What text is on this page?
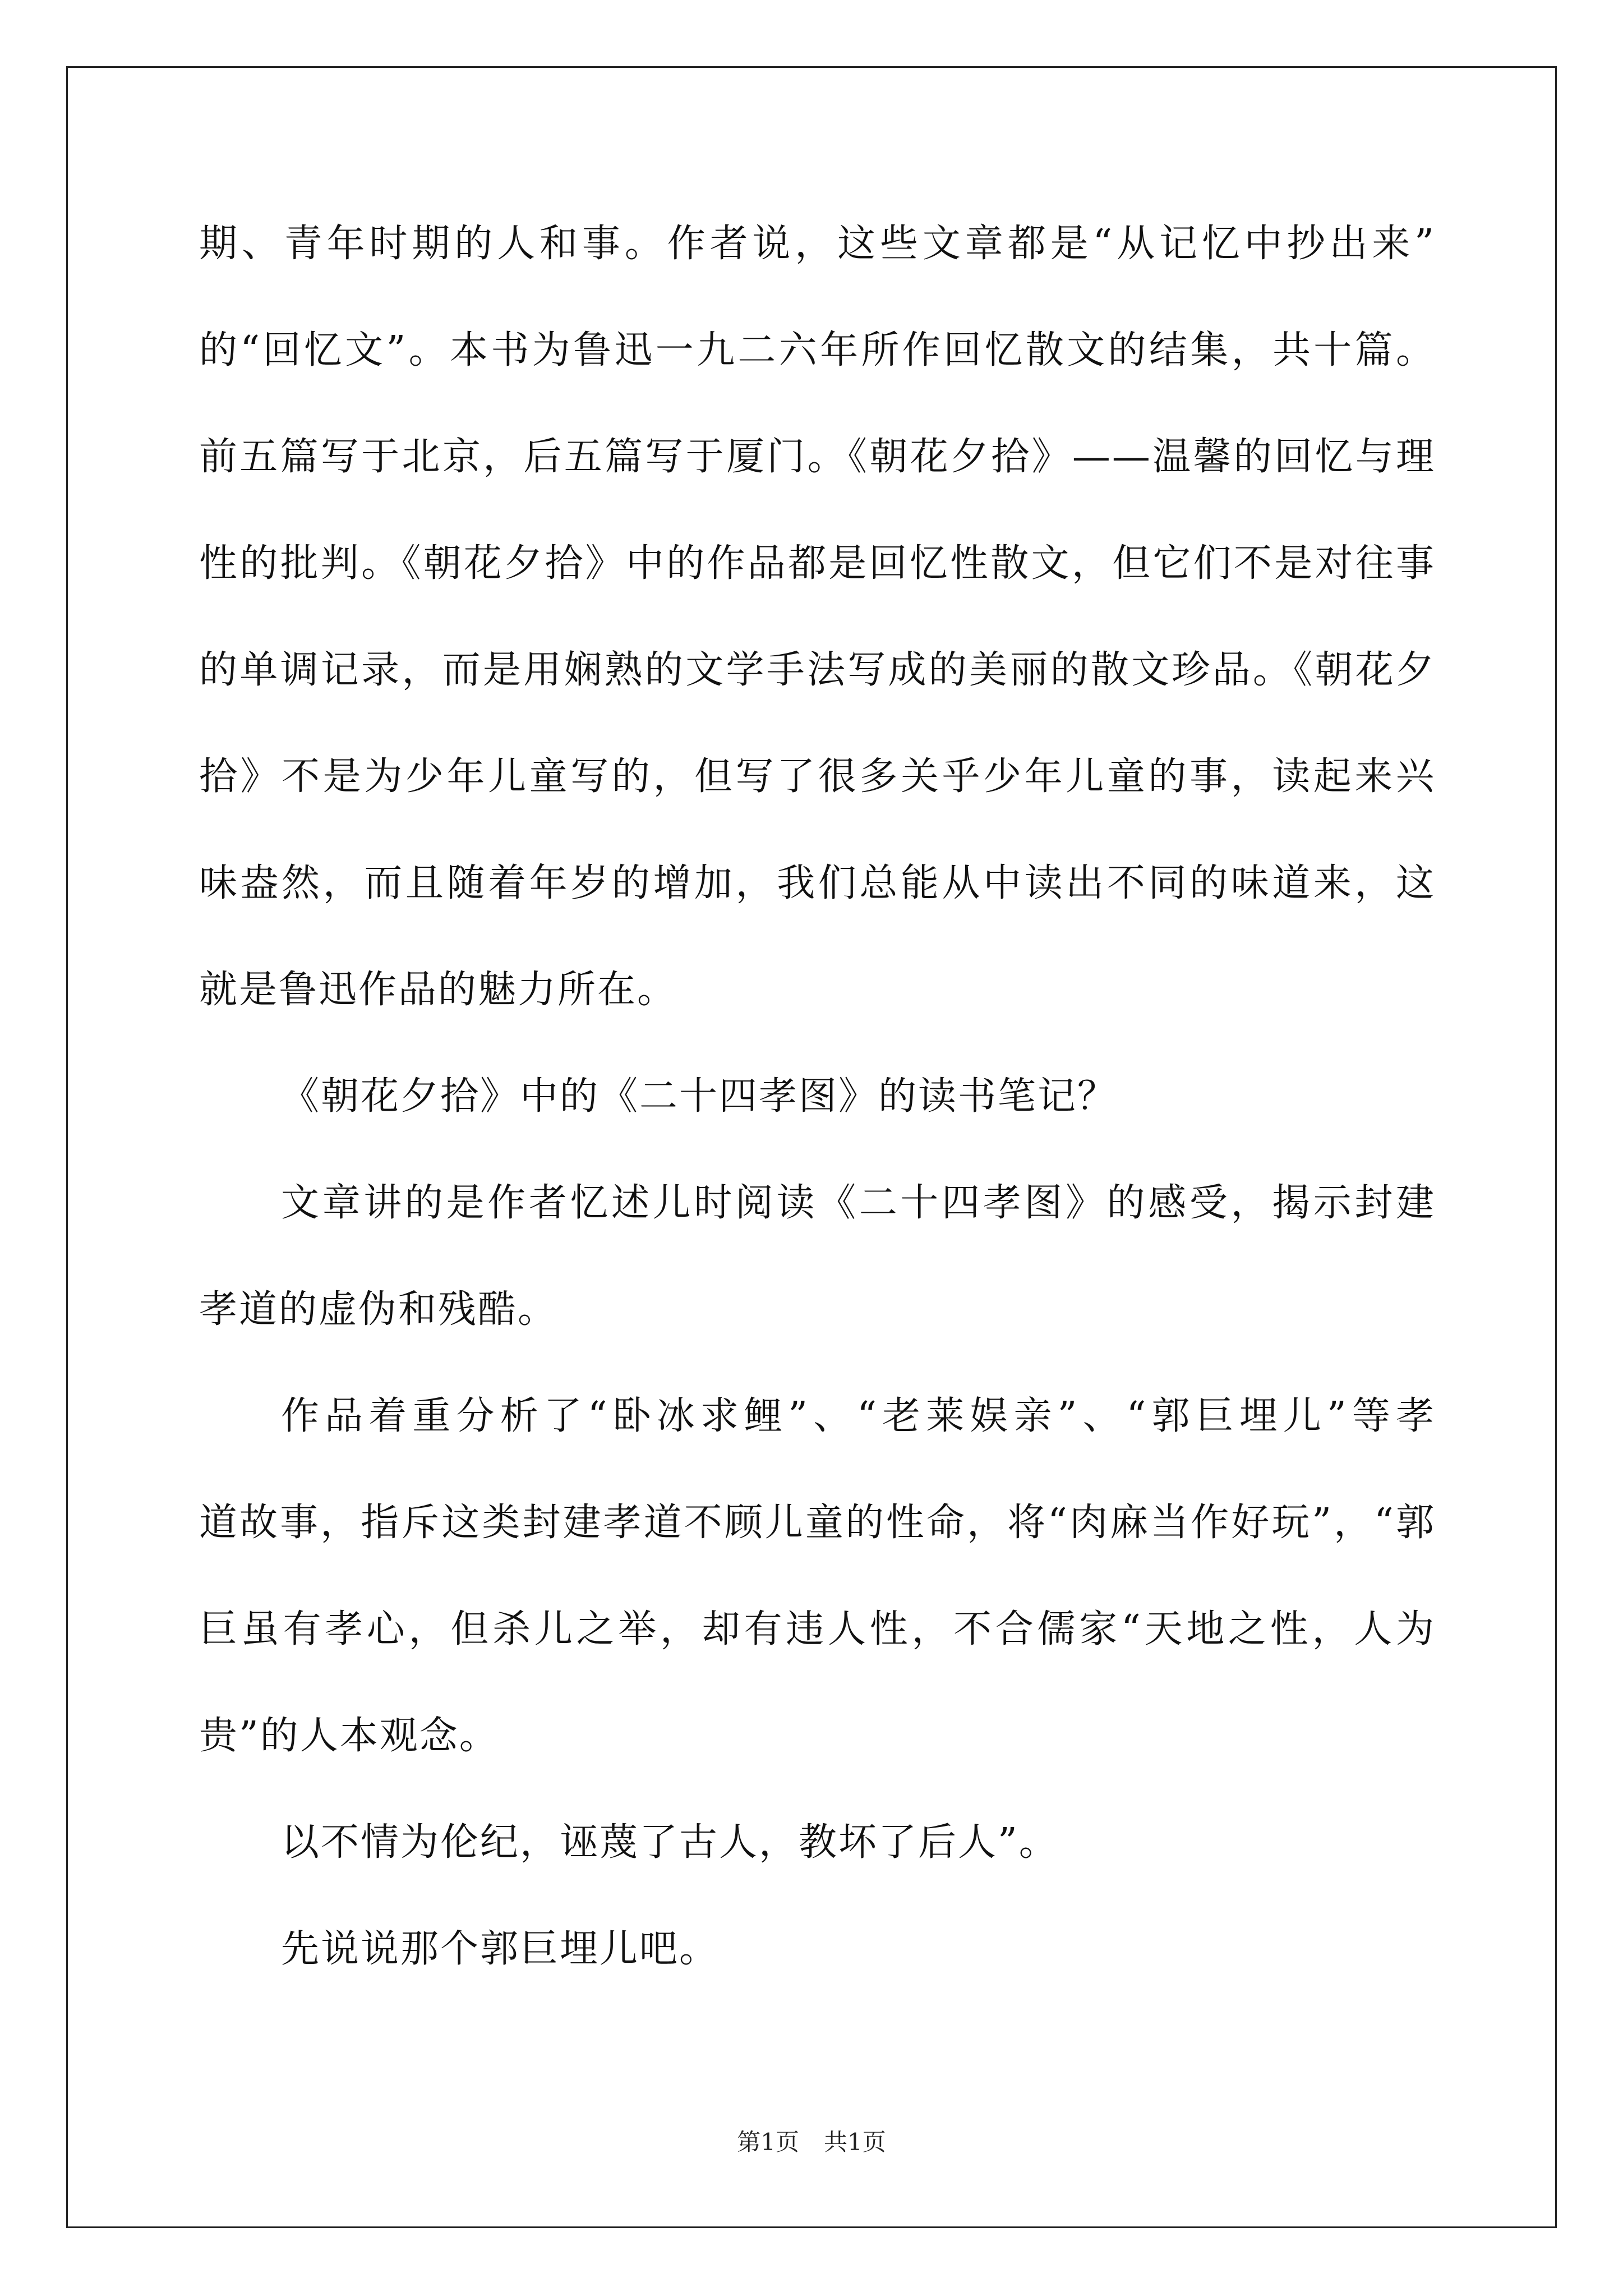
期、青年时期的人和事。作者说，这些文章都是“从记忆中抄出来”
的“回忆文”。本书为鲁迅一九二六年所作回忆散文的结集，共十篇。
前五篇写于北京，后五篇写于厦门。《朝花夕拾》——温馨的回忆与理
性的批判。《朝花夕拾》中的作品都是回忆性散文，但它们不是对往事
的单调记录，而是用娴熟的文学手法写成的美丽的散文珍品。《朝花夕
拾》不是为少年儿童写的，但写了很多关乎少年儿童的事，读起来兴
味盎然，而且随着年岁的增加，我们总能从中读出不同的味道来，这
就是鲁迅作品的魅力所在。
《朝花夕拾》中的《二十四孝图》的读书笔记？
文章讲的是作者忆述儿时阅读《二十四孝图》的感受，揭示封建
孝道的虚伪和残酷。
作品着重分析了“卧冰求鲤”、“老莱娱亲”、“郭巨埋儿”等孝
道故事，指斥这类封建孝道不顾儿童的性命，将“肉麻当作好玩”，“郭
巨虽有孝心，但杀儿之举，却有违人性，不合儒家“天地之性，人为
贵”的人本观念。
以不情为伦纪，诬蔑了古人，教坏了后人”。
先说说那个郭巨埋儿吧。
第1页 共1页
